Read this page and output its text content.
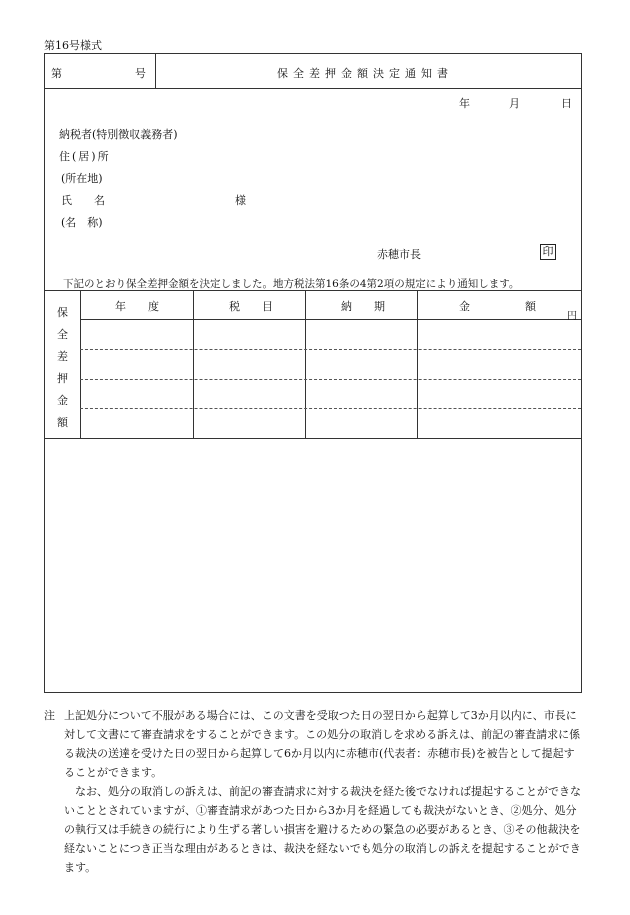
第16号様式
第	号	保全差押金額決定通知書
年	月	日
納税者(特別徴収義務者)
住(居)所
(所在地)
氏　　名	様
(名　称)
赤穂市長	印
下記のとおり保全差押金額を決定しました。地方税法第16条の4第2項の規定により通知します。
保
全
差
押
金
額
年　　度	税　　目	納　　期	金　　　　　額
円

注 上記処分について不服がある場合には、この文書を受取つた日の翌日から起算して3か月以内に、市長に対して文書にて審査請求をすることができます。この処分の取消しを求める訴えは、前記の審査請求に係る裁決の送達を受けた日の翌日から起算して6か月以内に赤穂市(代表者：赤穂市長)を被告として提起することができます。

なお、処分の取消しの訴えは、前記の審査請求に対する裁決を経た後でなければ提起することができないこととされていますが、①審査請求があつた日から3か月を経過しても裁決がないとき、②処分、処分の執行又は手続きの続行により生ずる著しい損害を避けるための緊急の必要があるとき、③その他裁決を経ないことにつき正当な理由があるときは、裁決を経ないでも処分の取消しの訴えを提起することができます。
